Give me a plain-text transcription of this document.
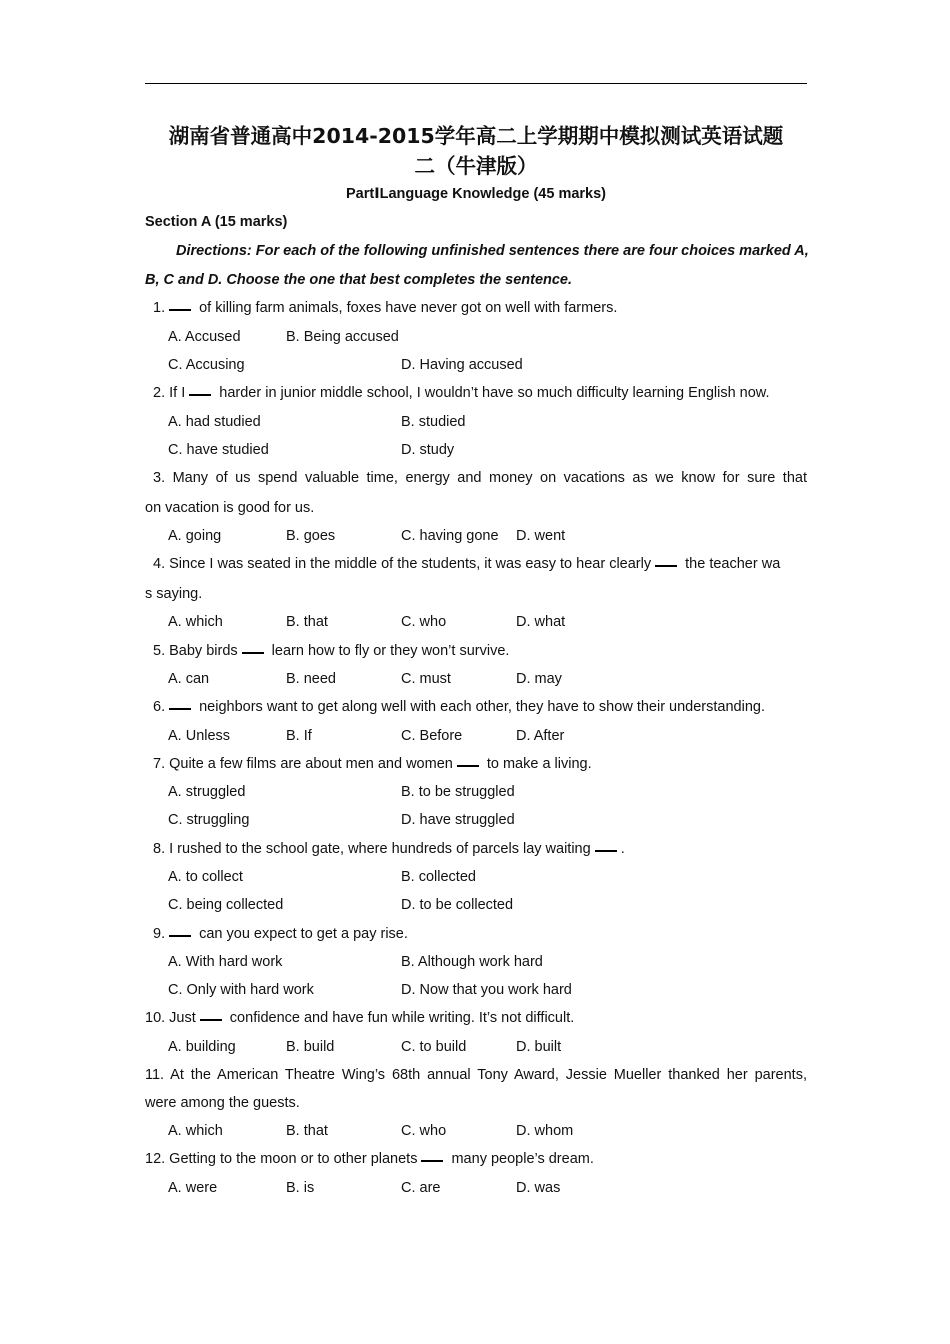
湖南省普通高中2014-2015学年高二上学期期中模拟测试英语试题
二（牛津版）
PartⅠLanguage Knowledge (45 marks)
Section A (15 marks)
Directions: For each of the following unfinished sentences there are four choices marked A,
B, C and D. Choose the one that best completes the sentence.
1. of killing farm animals, foxes have never got on well with farmers.
A. Accused	B. Being accused
C. Accusing	D. Having accused
2. If I harder in junior middle school, I wouldn’t have so much difficulty learning English now.
A. had studied	B. studied
C. have studied	D. study
3. Many of us spend valuable time, energy and money on vacations as we know for sure that
on vacation is good for us.
A. going	B. goes	C. having gone D. went
4. Since I was seated in the middle of the students, it was easy to hear clearly the teacher wa
s saying.
A. which	B. that	C. who	D. what
5. Baby birds learn how to fly or they won’t survive.
A. can	B. need	C. must	D. may
6. neighbors want to get along well with each other, they have to show their understanding.
A. Unless	B. If	C. Before	D. After
7. Quite a few films are about men and women to make a living.
A. struggled	B. to be struggled
C. struggling	D. have struggled
8. I rushed to the school gate, where hundreds of parcels lay waiting .
A. to collect	B. collected
C. being collected	D. to be collected
9. can you expect to get a pay rise.
A. With hard work	B. Although work hard
C. Only with hard work	D. Now that you work hard
10. Just confidence and have fun while writing. It’s not difficult.
A. building	B. build	C. to build	D. built
11. At the American Theatre Wing’s 68th annual Tony Award, Jessie Mueller thanked her parents,
were among the guests.
A. which	B. that	C. who	D. whom
12. Getting to the moon or to other planets many people’s dream.
A. were	B. is	C. are	D. was
